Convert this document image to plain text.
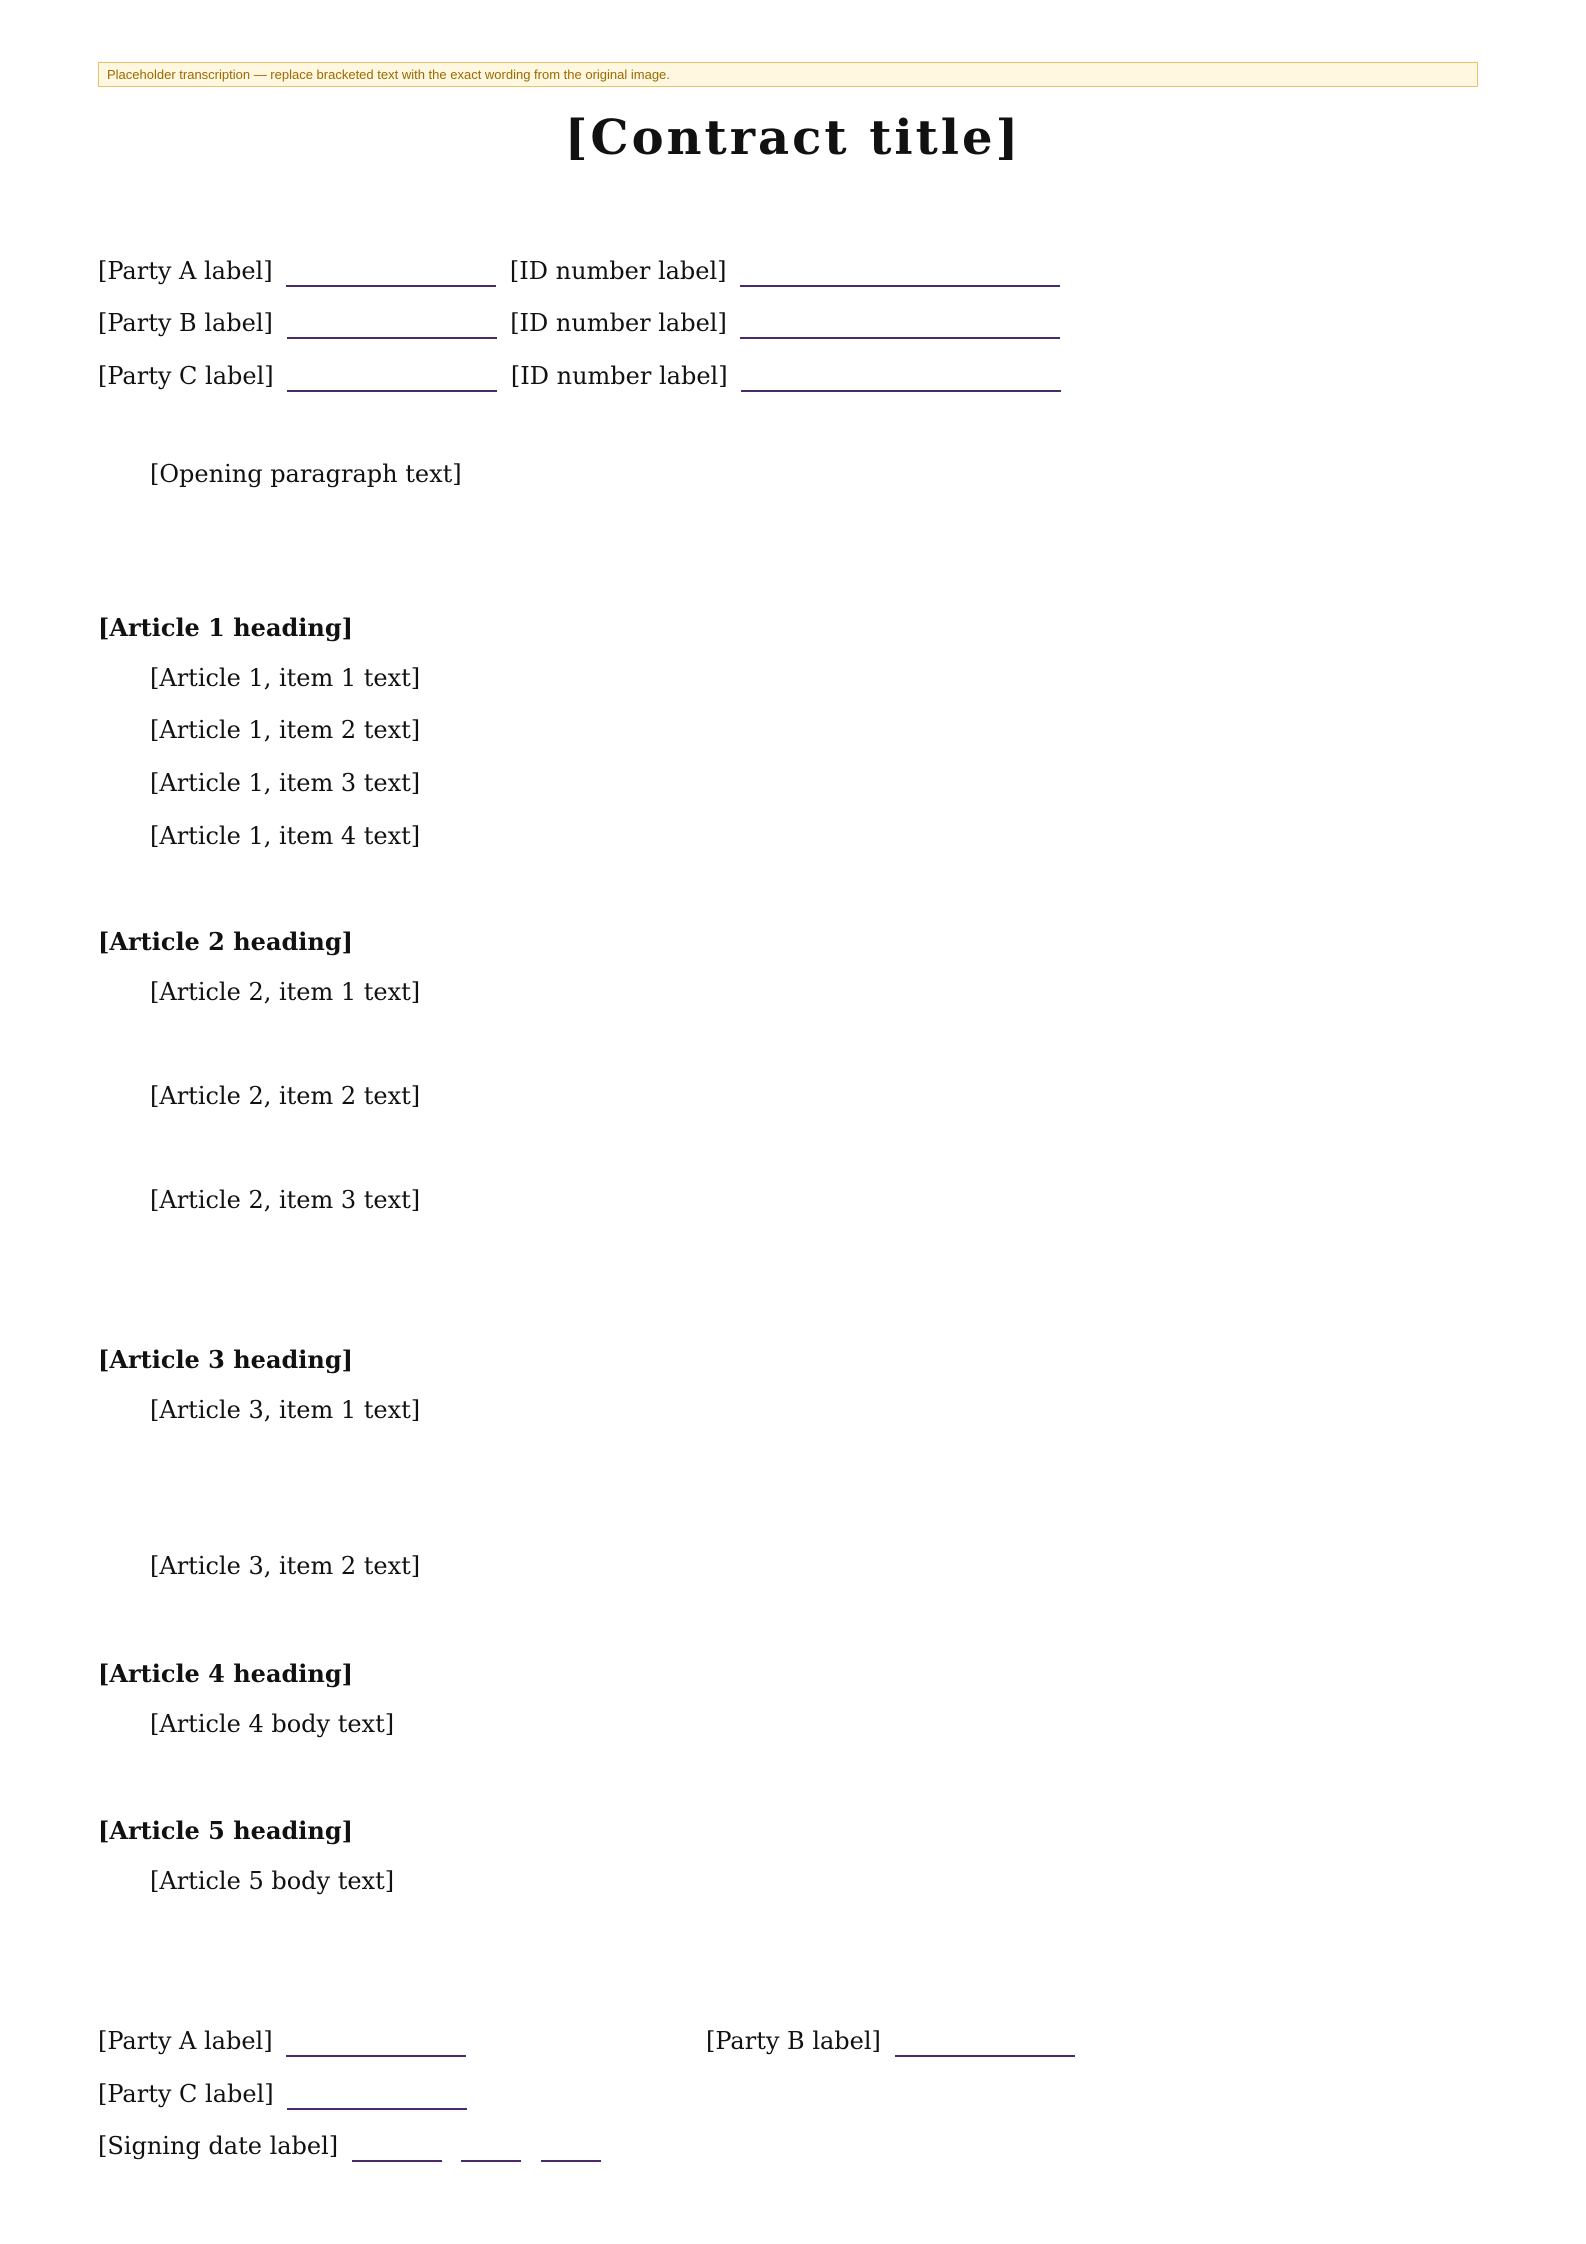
Placeholder transcription — replace bracketed text with the exact wording from the original image.
[Contract title]
[Party A label]	[ID number label]
[Party B label]	[ID number label]
[Party C label]	[ID number label]
[Opening paragraph text]
[Article 1 heading]
[Article 1, item 1 text]
[Article 1, item 2 text]
[Article 1, item 3 text]
[Article 1, item 4 text]
[Article 2 heading]
[Article 2, item 1 text]
[Article 2, item 2 text]
[Article 2, item 3 text]
[Article 3 heading]
[Article 3, item 1 text]
[Article 3, item 2 text]
[Article 4 heading]
[Article 4 body text]
[Article 5 heading]
[Article 5 body text]
[Party A label]	[Party B label]
[Party C label]
[Signing date label]
